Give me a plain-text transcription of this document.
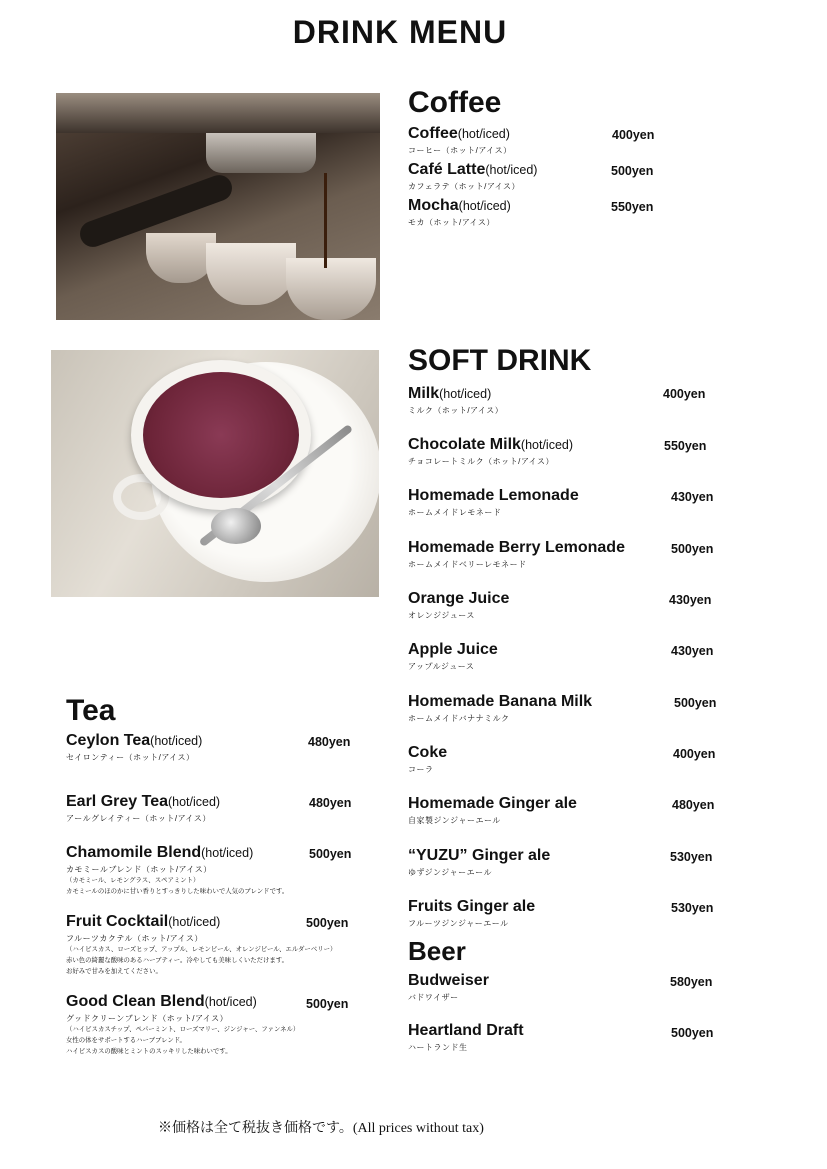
DRINK MENU
Coffee
Coffee(hot/iced)
コーヒー（ホット/アイス）
400yen
Café Latte(hot/iced)
カフェラテ（ホット/アイス）
500yen
Mocha(hot/iced)
モカ（ホット/アイス）
550yen
SOFT DRINK
Milk(hot/iced)
ミルク（ホット/アイス）
400yen
Chocolate Milk(hot/iced)
チョコレートミルク（ホット/アイス）
550yen
Homemade Lemonade
ホームメイドレモネード
430yen
Homemade Berry Lemonade
ホームメイドベリーレモネード
500yen
Orange Juice
オレンジジュース
430yen
Apple Juice
アップルジュース
430yen
Homemade Banana Milk
ホームメイドバナナミルク
500yen
Coke
コーラ
400yen
Homemade Ginger ale
自家製ジンジャーエール
480yen
“YUZU” Ginger ale
ゆずジンジャーエール
530yen
Fruits Ginger ale
フルーツジンジャーエール
530yen
Beer
Budweiser
バドワイザー
580yen
Heartland Draft
ハートランド生
500yen
Tea
Ceylon Tea(hot/iced)
セイロンティー（ホット/アイス）
480yen
Earl Grey Tea(hot/iced)
アールグレイティー（ホット/アイス）
480yen
Chamomile Blend(hot/iced)
カモミールブレンド（ホット/アイス）
（カモミール、レモングラス、スペアミント）
カモミールのほのかに甘い香りとすっきりした味わいで人気のブレンドです。
500yen
Fruit Cocktail(hot/iced)
フルーツカクテル（ホット/アイス）
（ハイビスカス、ローズヒップ、アップル、レモンピール、オレンジピール、エルダーベリー）
赤い色の綺麗な酸味のあるハーブティー。冷やしても美味しくいただけます。
お好みで甘みを加えてください。
500yen
Good Clean Blend(hot/iced)
グッドクリーンブレンド（ホット/アイス）
（ハイビスカスチップ、ペパーミント、ローズマリー、ジンジャー、ファンネル）
女性の体をサポートするハーブブレンド。
ハイビスカスの酸味とミントのスッキリした味わいです。
500yen
※価格は全て税抜き価格です。(All prices without tax)
